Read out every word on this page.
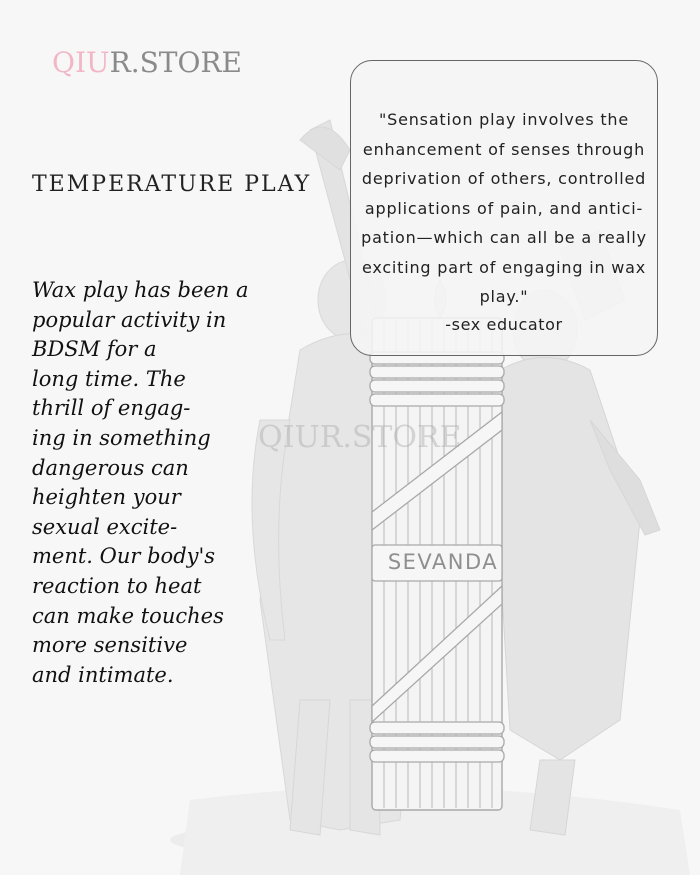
QIUR.STORE
TEMPERATURE PLAY
"Sensation play involves the
enhancement of senses through
deprivation of others, controlled
applications of pain, and antici-
pation—which can all be a really
exciting part of engaging in wax
play."
-sex educator
Wax play has been a
popular activity in
BDSM for a
long time. The
thrill of engag-
ing in something
dangerous can
heighten your
sexual excite-
ment. Our body's
reaction to heat
can make touches
more sensitive
and intimate.
QIUR.STORE
SEVANDA
